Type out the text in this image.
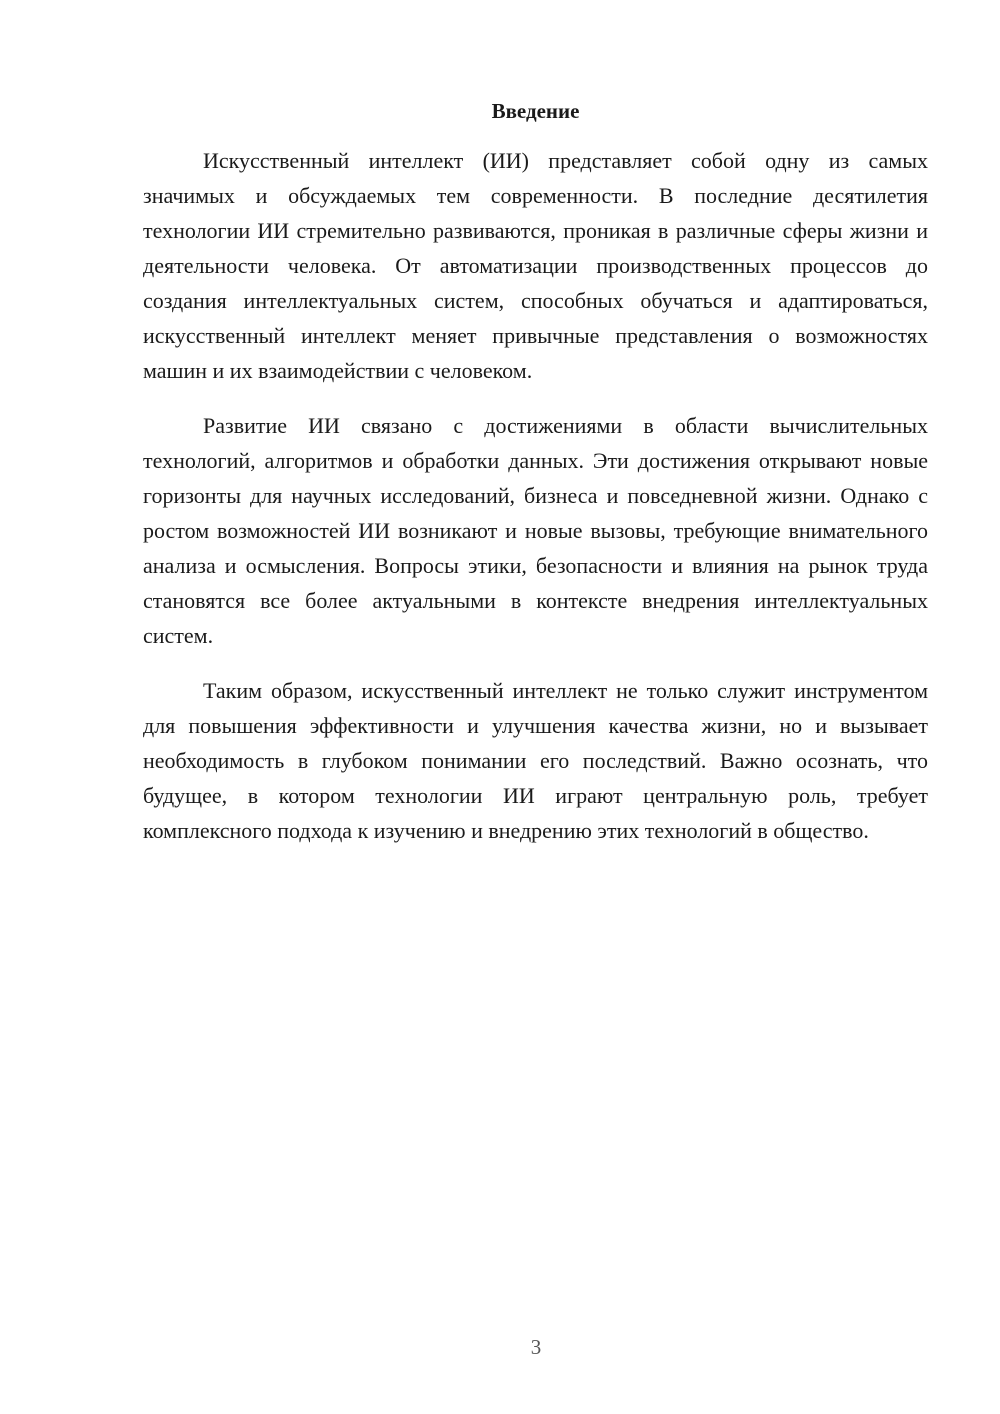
Введение

Искусственный интеллект (ИИ) представляет собой одну из самых значимых и обсуждаемых тем современности. В последние десятилетия технологии ИИ стремительно развиваются, проникая в различные сферы жизни и деятельности человека. От автоматизации производственных процессов до создания интеллектуальных систем, способных обучаться и адаптироваться, искусственный интеллект меняет привычные представления о возможностях машин и их взаимодействии с человеком.

Развитие ИИ связано с достижениями в области вычислительных технологий, алгоритмов и обработки данных. Эти достижения открывают новые горизонты для научных исследований, бизнеса и повседневной жизни. Однако с ростом возможностей ИИ возникают и новые вызовы, требующие внимательного анализа и осмысления. Вопросы этики, безопасности и влияния на рынок труда становятся все более актуальными в контексте внедрения интеллектуальных систем.

Таким образом, искусственный интеллект не только служит инструментом для повышения эффективности и улучшения качества жизни, но и вызывает необходимость в глубоком понимании его последствий. Важно осознать, что будущее, в котором технологии ИИ играют центральную роль, требует комплексного подхода к изучению и внедрению этих технологий в общество.

3
